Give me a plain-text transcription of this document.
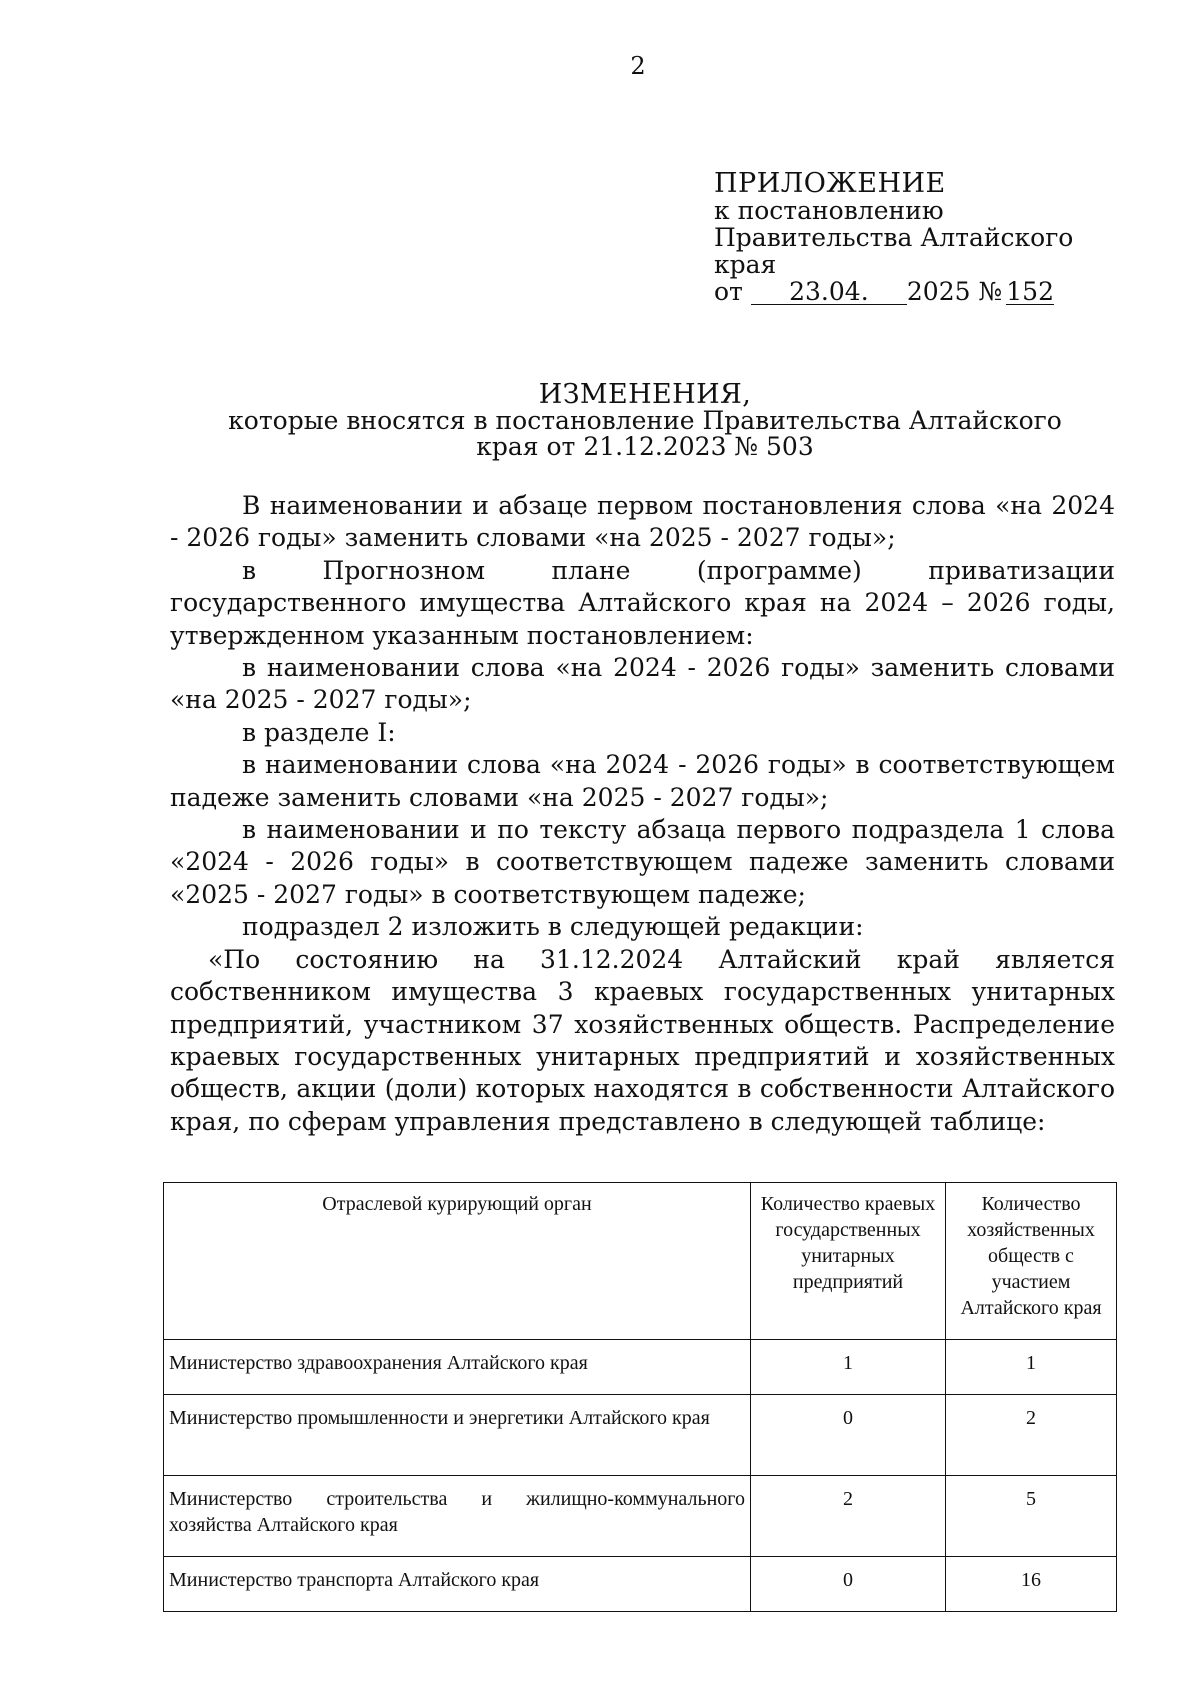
2
ПРИЛОЖЕНИЕ
к постановлению
Правительства Алтайского
края
от	23.04.	2025 № 152
ИЗМЕНЕНИЯ,
которые вносятся в постановление Правительства Алтайского
края от 21.12.2023 № 503

В наименовании и абзаце первом постановления слова «на 2024 - 2026 годы» заменить словами «на 2025 - 2027 годы»;

в Прогнозном плане (программе) приватизации государственного имущества Алтайского края на 2024 – 2026 годы, утвержденном указанным постановлением:

в наименовании слова «на 2024 - 2026 годы» заменить словами «на 2025 - 2027 годы»;

в разделе I:

в наименовании слова «на 2024 - 2026 годы» в соответствующем падеже заменить словами «на 2025 - 2027 годы»;

в наименовании и по тексту абзаца первого подраздела 1 слова «2024 - 2026 годы» в соответствующем падеже заменить словами «2025 - 2027 годы» в соответствующем падеже;

подраздел 2 изложить в следующей редакции:

«По состоянию на 31.12.2024 Алтайский край является собственником имущества 3 краевых государственных унитарных предприятий, участником 37 хозяйственных обществ. Распределение краевых государственных унитарных предприятий и хозяйственных обществ, акции (доли) которых находятся в собственности Алтайского края, по сферам управления представлено в следующей таблице:

Отраслевой курирующий орган	Количество краевых государственных унитарных предприятий	Количество хозяйственных обществ с участием Алтайского края
Министерство здравоохранения Алтайского края	1	1
Министерство промышленности и энергетики Алтайского края	0	2
Министерство строительства и жилищно-коммунального хозяйства Алтайского края	2	5
Министерство транспорта Алтайского края	0	16
